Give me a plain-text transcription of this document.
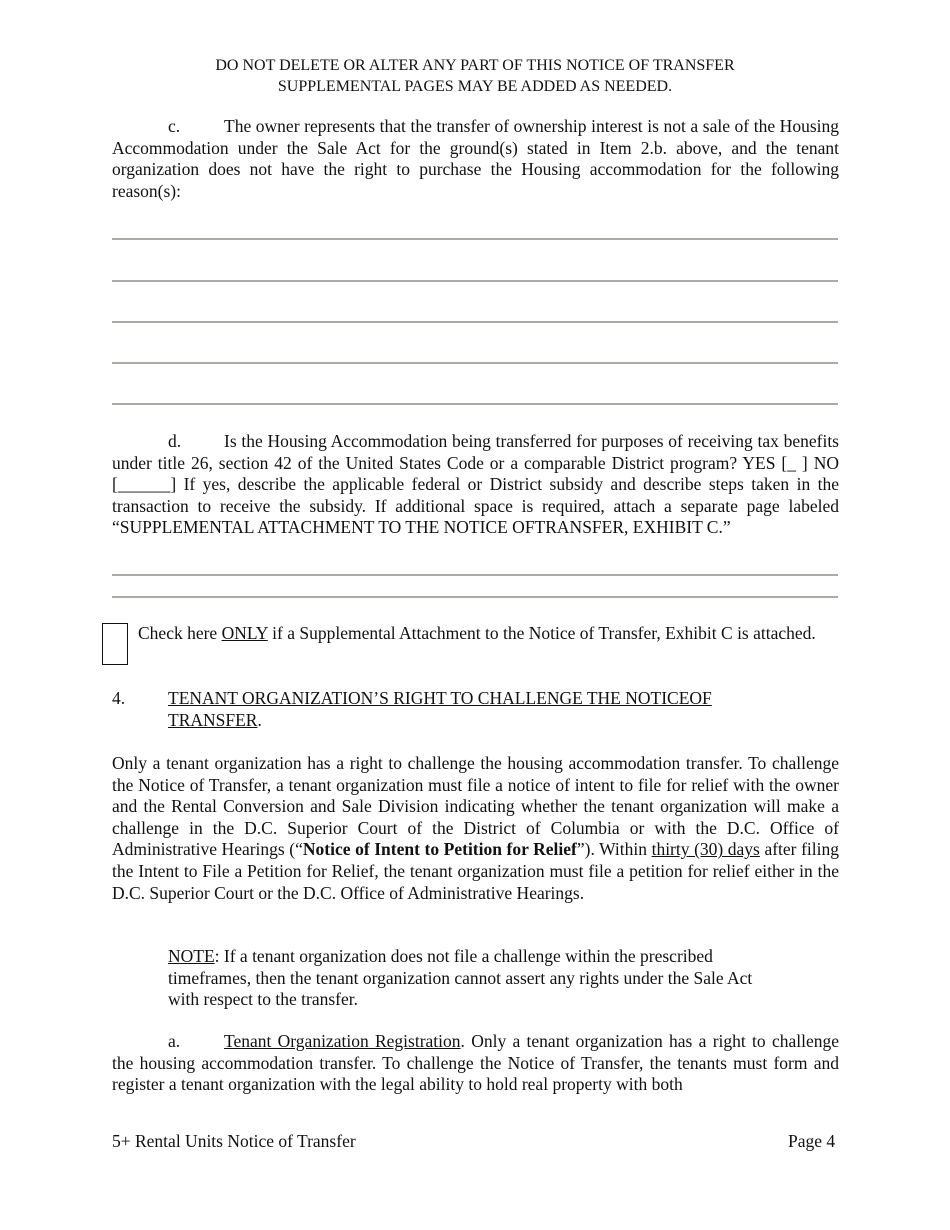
DO NOT DELETE OR ALTER ANY PART OF THIS NOTICE OF TRANSFER
SUPPLEMENTAL PAGES MAY BE ADDED AS NEEDED.
c.	The owner represents that the transfer of ownership interest is not a sale of the Housing Accommodation under the Sale Act for the ground(s) stated in Item 2.b. above, and the tenant organization does not have the right to purchase the Housing accommodation for the following reason(s):
d. Is the Housing Accommodation being transferred for purposes of receiving tax benefits under title 26, section 42 of the United States Code or a comparable District program? YES [_ ] NO [______] If yes, describe the applicable federal or District subsidy and describe steps taken in the transaction to receive the subsidy. If additional space is required, attach a separate page labeled “SUPPLEMENTAL ATTACHMENT TO THE NOTICE OFTRANSFER, EXHIBIT C.”
Check here ONLY if a Supplemental Attachment to the Notice of Transfer, Exhibit C is attached.
4.	TENANT ORGANIZATION’S RIGHT TO CHALLENGE THE NOTICEOF
TRANSFER.
Only a tenant organization has a right to challenge the housing accommodation transfer. To challenge the Notice of Transfer, a tenant organization must file a notice of intent to file for relief with the owner and the Rental Conversion and Sale Division indicating whether the tenant organization will make a challenge in the D.C. Superior Court of the District of Columbia or with the D.C. Office of Administrative Hearings (“Notice of Intent to Petition for Relief”). Within thirty (30) days after filing the Intent to File a Petition for Relief, the tenant organization must file a petition for relief either in the D.C. Superior Court or the D.C. Office of Administrative Hearings.
NOTE: If a tenant organization does not file a challenge within the prescribed timeframes, then the tenant organization cannot assert any rights under the Sale Act with respect to the transfer.
a.	Tenant Organization Registration. Only a tenant organization has a right to challenge the housing accommodation transfer. To challenge the Notice of Transfer, the tenants must form and register a tenant organization with the legal ability to hold real property with both
5+ Rental Units Notice of Transfer	Page 4
